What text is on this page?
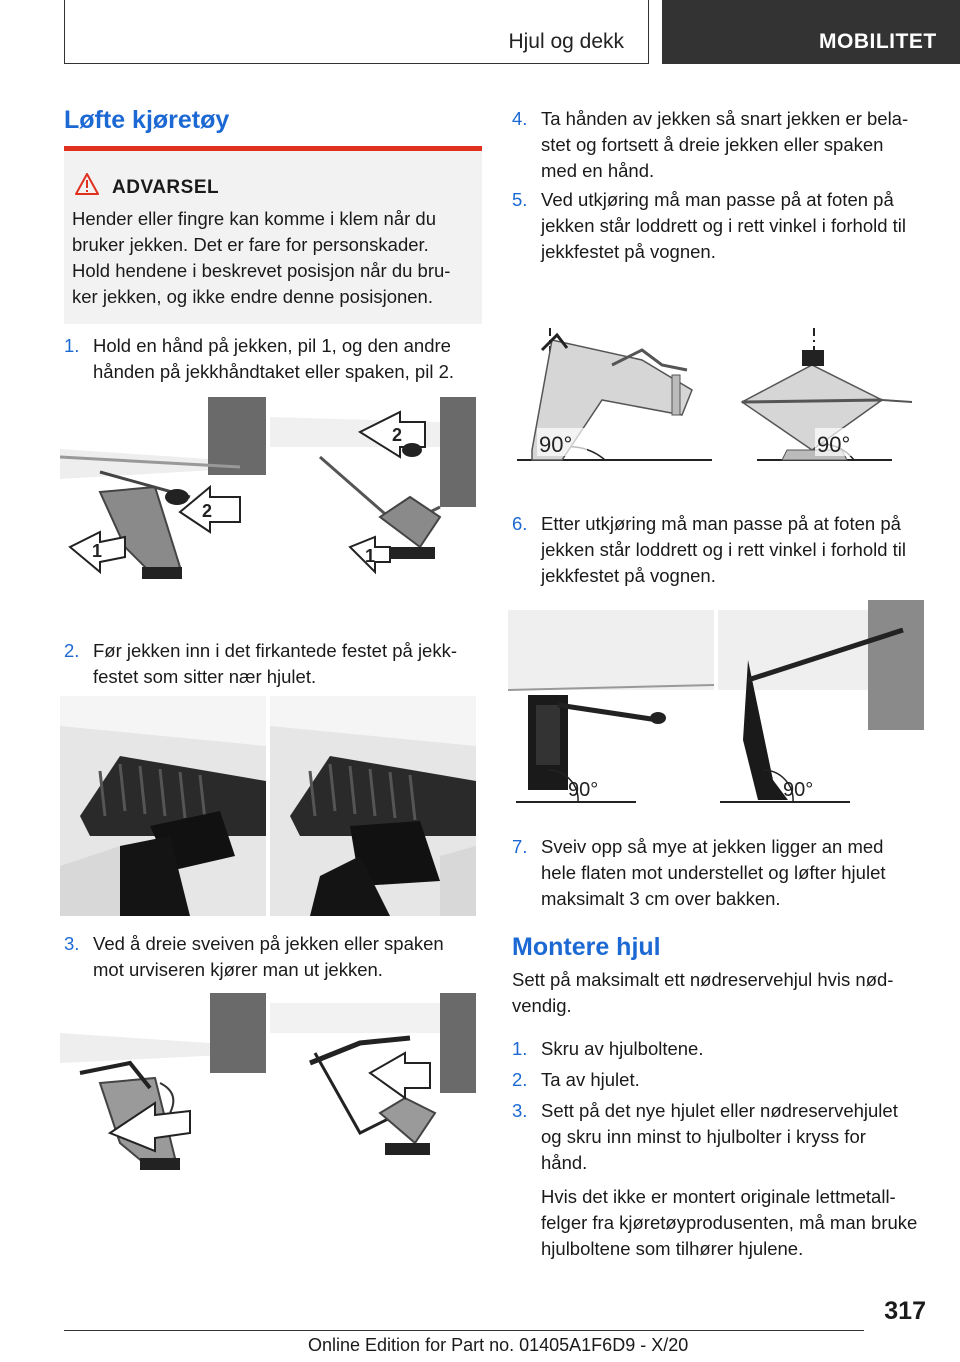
Hjul og dekk	MOBILITET
Løfte kjøretøy
ADVARSEL
Hender eller fingre kan komme i klem når du
bruker jekken. Det er fare for personskader.
Hold hendene i beskrevet posisjon når du bru-
ker jekken, og ikke endre denne posisjonen.
1. Hold en hånd på jekken, pil 1, og den andre
hånden på jekkhåndtaket eller spaken, pil 2.
1
2
1
2
2. Før jekken inn i det firkantede festet på jekk-
festet som sitter nær hjulet.
3. Ved å dreie sveiven på jekken eller spaken
mot urviseren kjører man ut jekken.
4. Ta hånden av jekken så snart jekken er bela-
stet og fortsett å dreie jekken eller spaken
med en hånd.
5. Ved utkjøring må man passe på at foten på
jekken står loddrett og i rett vinkel i forhold til
jekkfestet på vognen.
90°	90°
6. Etter utkjøring må man passe på at foten på
jekken står loddrett og i rett vinkel i forhold til
jekkfestet på vognen.
90°	90°
7. Sveiv opp så mye at jekken ligger an med
hele flaten mot understellet og løfter hjulet
maksimalt 3 cm over bakken.
Montere hjul
Sett på maksimalt ett nødreservehjul hvis nød-
vendig.
1. Skru av hjulboltene.
2. Ta av hjulet.
3. Sett på det nye hjulet eller nødreservehjulet
og skru inn minst to hjulbolter i kryss for
hånd.
Hvis det ikke er montert originale lettmetall-
felger fra kjøretøyprodusenten, må man bruke
hjulboltene som tilhører hjulene.
317
Online Edition for Part no. 01405A1F6D9 - X/20
